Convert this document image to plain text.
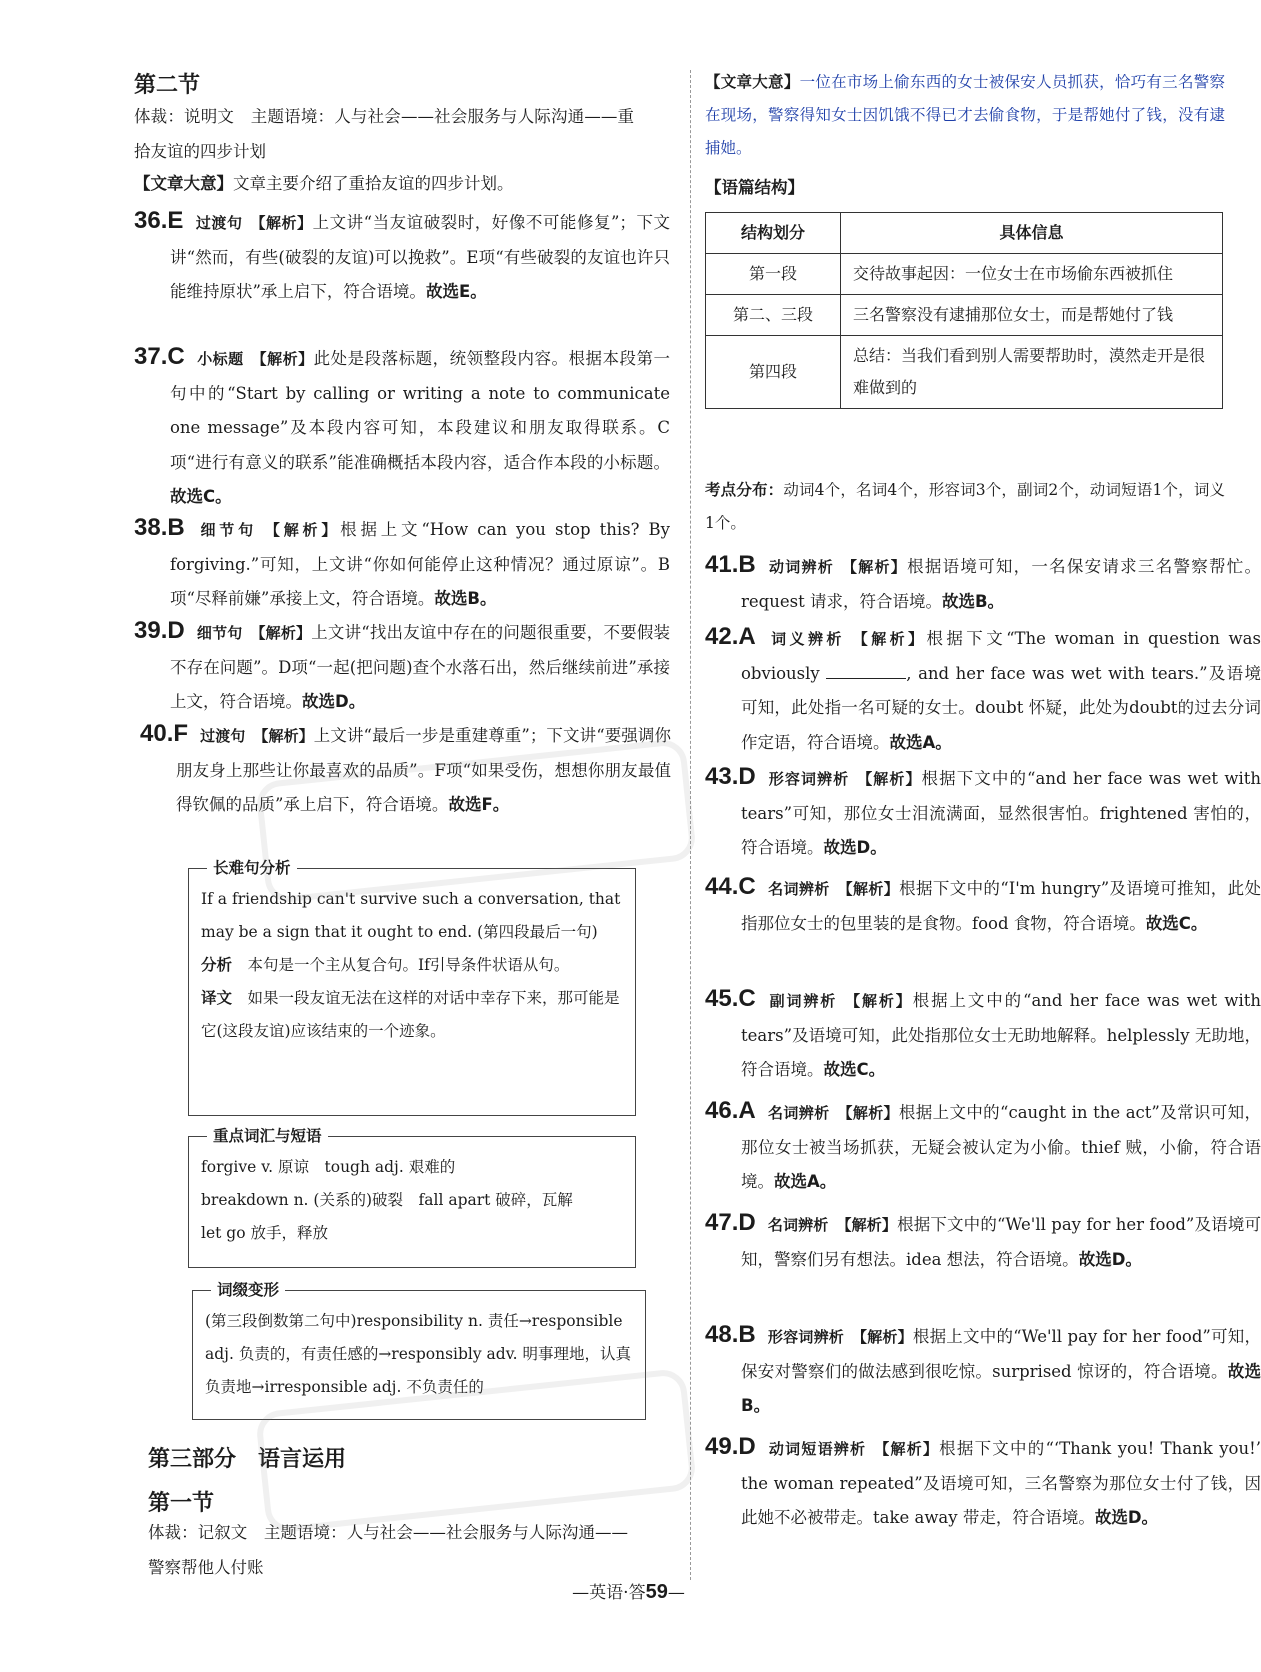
第二节
体裁：说明文　主题语境：人与社会——社会服务与人际沟通——重拾友谊的四步计划
【文章大意】文章主要介绍了重拾友谊的四步计划。
36.E 过渡句 【解析】上文讲“当友谊破裂时，好像不可能修复”；下文讲“然而，有些(破裂的友谊)可以挽救”。E项“有些破裂的友谊也许只能维持原状”承上启下，符合语境。故选E。
37.C 小标题 【解析】此处是段落标题，统领整段内容。根据本段第一句中的“Start by calling or writing a note to communicate one message”及本段内容可知，本段建议和朋友取得联系。C项“进行有意义的联系”能准确概括本段内容，适合作本段的小标题。故选C。
38.B 细节句 【解析】根据上文“How can you stop this? By forgiving.”可知，上文讲“你如何能停止这种情况？通过原谅”。B项“尽释前嫌”承接上文，符合语境。故选B。
39.D 细节句 【解析】上文讲“找出友谊中存在的问题很重要，不要假装不存在问题”。D项“一起(把问题)查个水落石出，然后继续前进”承接上文，符合语境。故选D。
40.F 过渡句 【解析】上文讲“最后一步是重建尊重”；下文讲“要强调你朋友身上那些让你最喜欢的品质”。F项“如果受伤，想想你朋友最值得钦佩的品质”承上启下，符合语境。故选F。
长难句分析
If a friendship can't survive such a conversation, that may be a sign that it ought to end. (第四段最后一句)
分析　 本句是一个主从复合句。If引导条件状语从句。
译文　 如果一段友谊无法在这样的对话中幸存下来，那可能是它(这段友谊)应该结束的一个迹象。
重点词汇与短语
forgive v. 原谅　 tough adj. 艰难的
breakdown n. (关系的)破裂　 fall apart 破碎，瓦解
let go 放手，释放
词缀变形
(第三段倒数第二句中)responsibility n. 责任→responsible adj. 负责的，有责任感的→responsibly adv. 明事理地，认真负责地→irresponsible adj. 不负责任的
第三部分　语言运用
第一节
体裁：记叙文　主题语境：人与社会——社会服务与人际沟通——警察帮他人付账
【文章大意】一位在市场上偷东西的女士被保安人员抓获，恰巧有三名警察在现场，警察得知女士因饥饿不得已才去偷食物，于是帮她付了钱，没有逮捕她。
【语篇结构】
结构划分	具体信息
第一段	交待故事起因：一位女士在市场偷东西被抓住
第二、三段	三名警察没有逮捕那位女士，而是帮她付了钱
第四段	总结：当我们看到别人需要帮助时，漠然走开是很难做到的
考点分布：动词4个，名词4个，形容词3个，副词2个，动词短语1个，词义1个。
41.B 动词辨析 【解析】根据语境可知，一名保安请求三名警察帮忙。request 请求，符合语境。故选B。
42.A 词义辨析 【解析】根据下文“The woman in question was obviously	, and her face was wet with tears.”及语境可知，此处指一名可疑的女士。doubt 怀疑，此处为doubt的过去分词作定语，符合语境。故选A。
43.D 形容词辨析 【解析】根据下文中的“and her face was wet with tears”可知，那位女士泪流满面，显然很害怕。frightened 害怕的，符合语境。故选D。
44.C 名词辨析 【解析】根据下文中的“I'm hungry”及语境可推知，此处指那位女士的包里装的是食物。food 食物，符合语境。故选C。
45.C 副词辨析 【解析】根据上文中的“and her face was wet with tears”及语境可知，此处指那位女士无助地解释。helplessly 无助地，符合语境。故选C。
46.A 名词辨析 【解析】根据上文中的“caught in the act”及常识可知，那位女士被当场抓获，无疑会被认定为小偷。thief 贼，小偷，符合语境。故选A。
47.D 名词辨析 【解析】根据下文中的“We'll pay for her food”及语境可知，警察们另有想法。idea 想法，符合语境。故选D。
48.B 形容词辨析 【解析】根据上文中的“We'll pay for her food”可知，保安对警察们的做法感到很吃惊。surprised 惊讶的，符合语境。故选B。
49.D 动词短语辨析 【解析】根据下文中的“‘Thank you! Thank you!’ the woman repeated”及语境可知，三名警察为那位女士付了钱，因此她不必被带走。take away 带走，符合语境。故选D。
—英语·答59—
